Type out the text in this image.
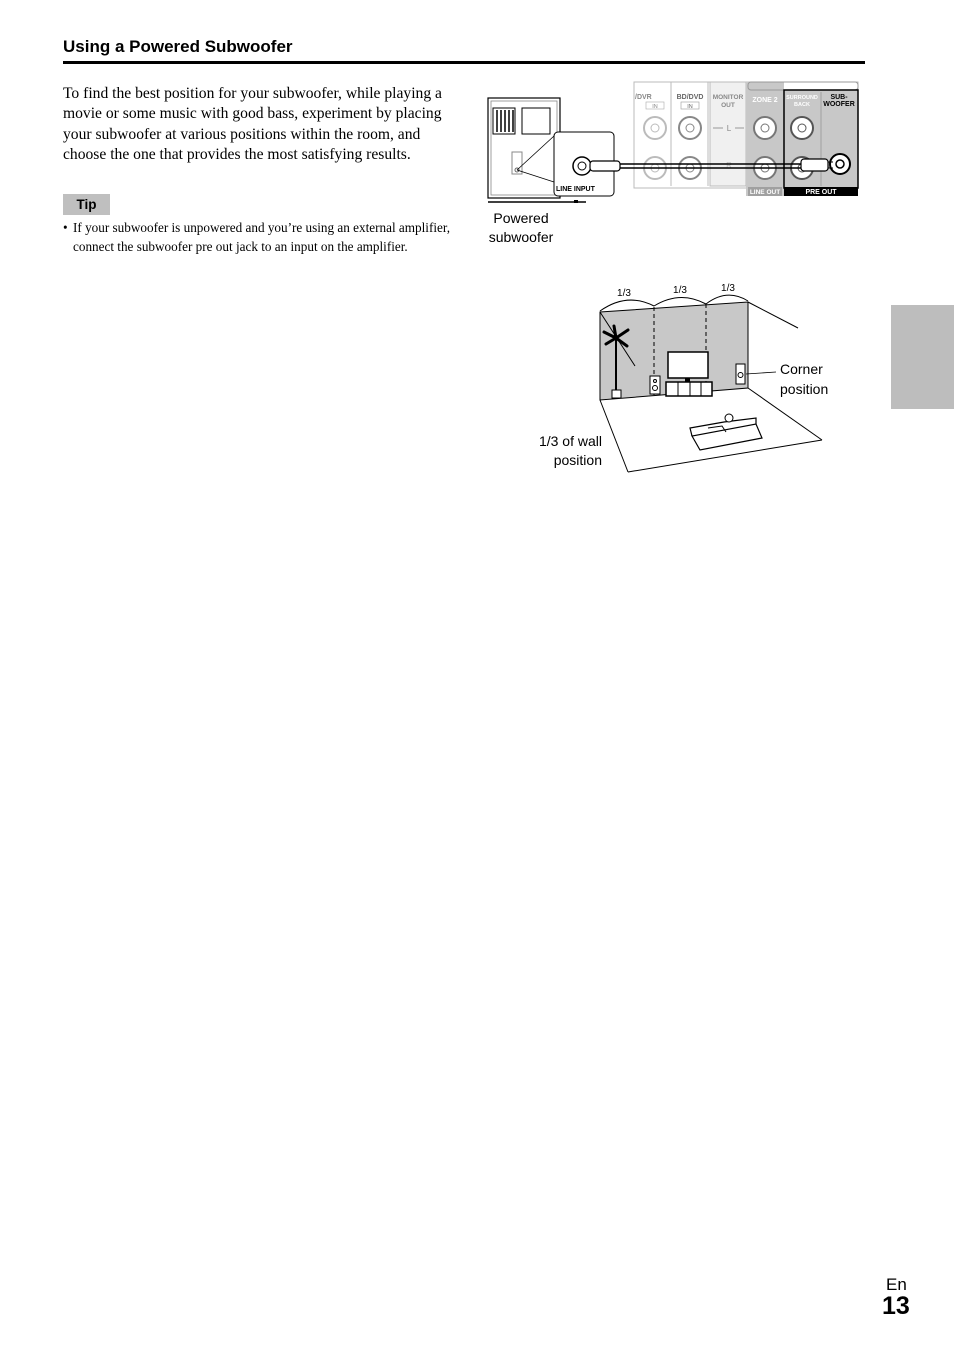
Using a Powered Subwoofer

To find the best position for your subwoofer, while playing a movie or some music with good bass, experiment by placing your subwoofer at various positions within the room, and choose the one that provides the most satisfying results.

Tip
• If your subwoofer is unpowered and you’re using an external amplifier, connect the subwoofer pre out jack to an input on the amplifier.
/DVR
IN
BD/DVD
IN
MONITOR
OUT
L
R
ZONE 2 SURROUND
BACK
SUB-
WOOFER
LINE OUT	PRE OUT
LINE INPUT
Powered
subwoofer
1/3	1/3	1/3
Corner
position
1/3 of wall
position
En
13
